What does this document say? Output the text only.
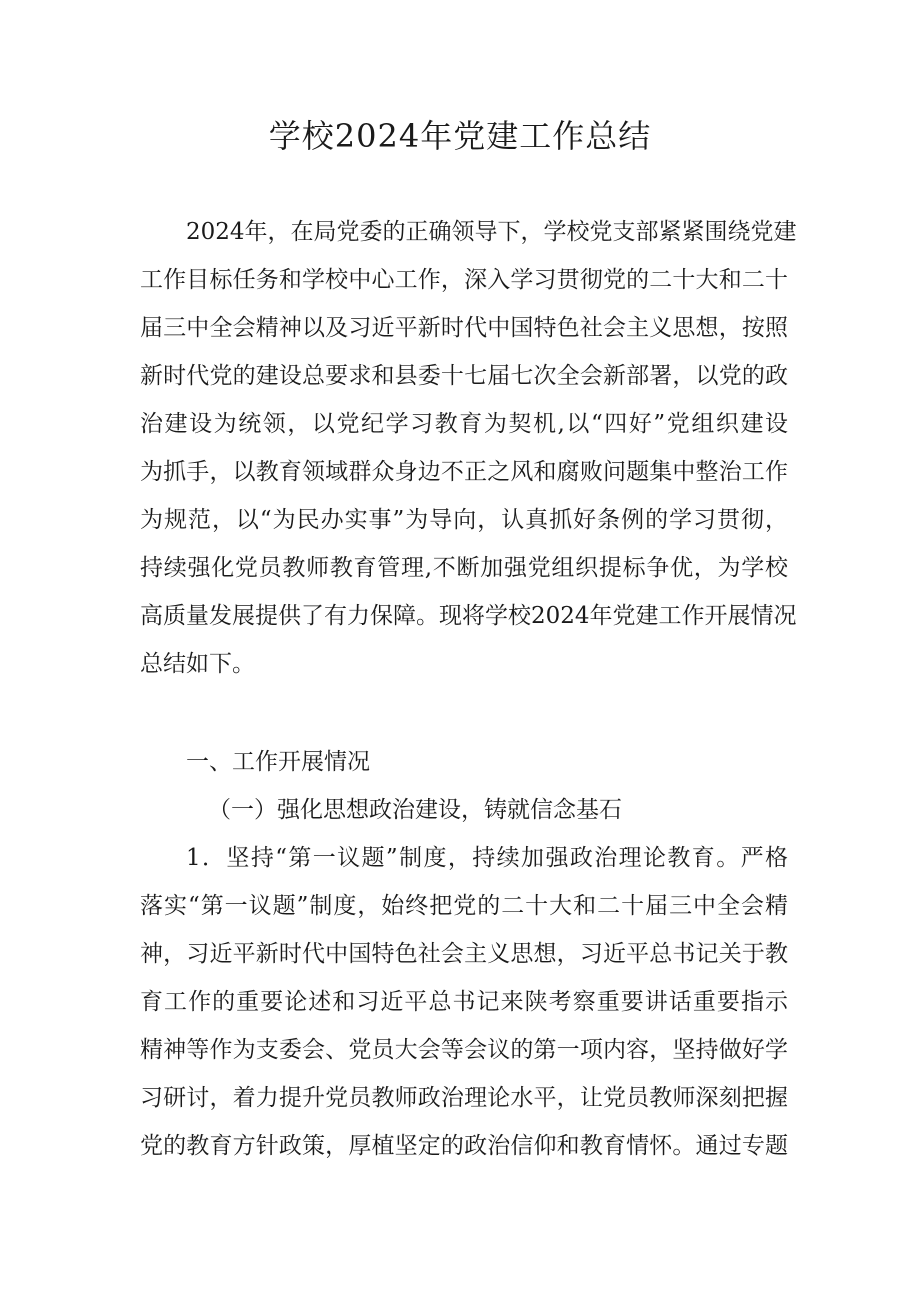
学校2024年党建工作总结
2024年，在局党委的正确领导下，学校党支部紧紧围绕党建
工作目标任务和学校中心工作，深入学习贯彻党的二十大和二十
届三中全会精神以及习近平新时代中国特色社会主义思想，按照
新时代党的建设总要求和县委十七届七次全会新部署，以党的政
治建设为统领，以党纪学习教育为契机,以“四好”党组织建设
为抓手，以教育领域群众身边不正之风和腐败问题集中整治工作
为规范，以“为民办实事”为导向，认真抓好条例的学习贯彻，
持续强化党员教师教育管理,不断加强党组织提标争优，为学校
高质量发展提供了有力保障。现将学校2024年党建工作开展情况
总结如下。
一、工作开展情况
（一）强化思想政治建设，铸就信念基石
1．坚持“第一议题”制度，持续加强政治理论教育。严格
落实“第一议题”制度，始终把党的二十大和二十届三中全会精
神，习近平新时代中国特色社会主义思想，习近平总书记关于教
育工作的重要论述和习近平总书记来陕考察重要讲话重要指示
精神等作为支委会、党员大会等会议的第一项内容，坚持做好学
习研讨，着力提升党员教师政治理论水平，让党员教师深刻把握
党的教育方针政策，厚植坚定的政治信仰和教育情怀。通过专题
